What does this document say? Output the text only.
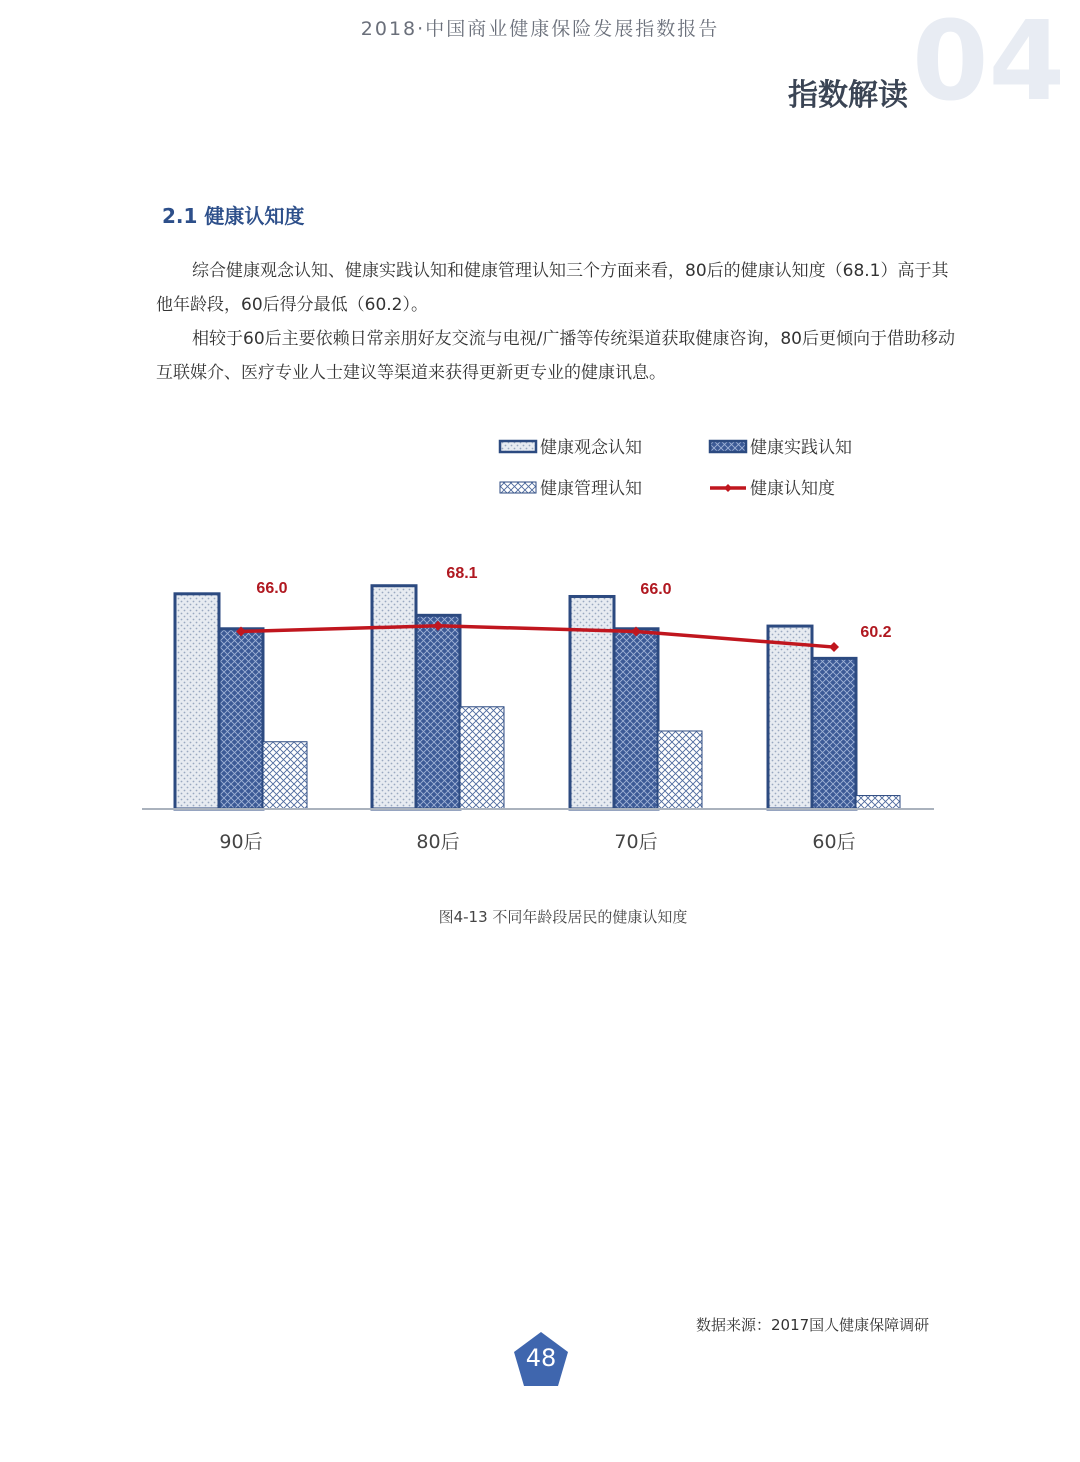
2018·中国商业健康保险发展指数报告	04
指数解读
2.1 健康认知度
综合健康观念认知、健康实践认知和健康管理认知三个方面来看，80后的健康认知度（68.1）高于其他年龄段，60后得分最低（60.2）。
相较于60后主要依赖日常亲朋好友交流与电视/广播等传统渠道获取健康咨询，80后更倾向于借助移动互联媒介、医疗专业人士建议等渠道来获得更新更专业的健康讯息。
健康观念认知	健康实践认知
健康管理认知	健康认知度
66.0
68.1
66.0
60.2
90后	80后	70后	60后
图4-13 不同年龄段居民的健康认知度
数据来源：2017国人健康保障调研
48
